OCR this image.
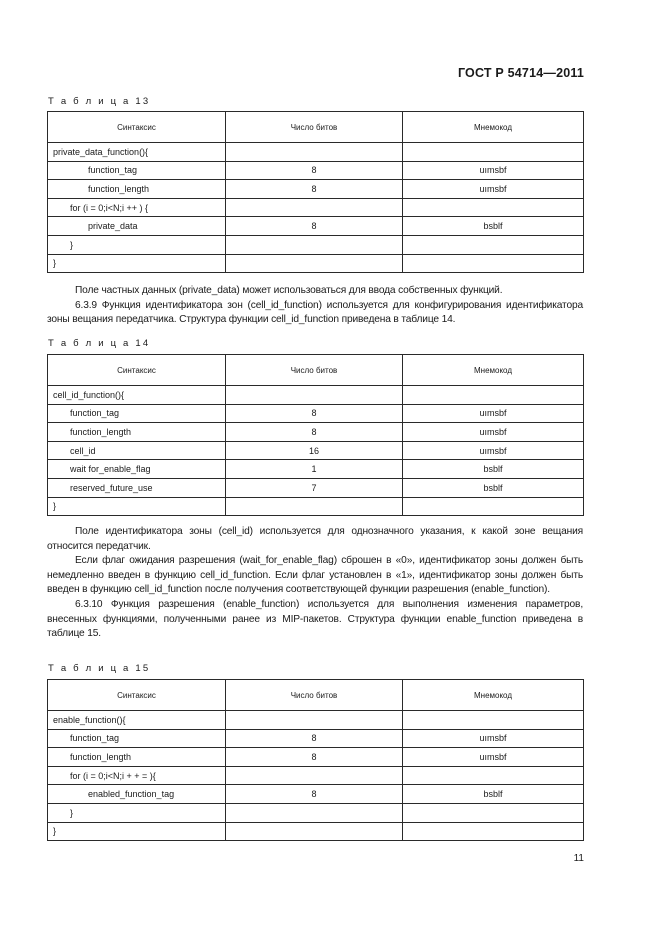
ГОСТ Р 54714—2011
Т а б л и ц а 13
Синтаксис	Число битов	Мнемокод
private_data_function(){		
function_tag	8	uımsbf
function_length	8	uımsbf
for (i = 0;i<N;i ++ ) {		
private_data	8	bsblf
}		
}		

Поле частных данных (private_data) может использоваться для ввода собственных функций.

6.3.9 Функция идентификатора зон (cell_id_function) используется для конфигурирования идентификатора зоны вещания передатчика. Структура функции cell_id_function приведена в таблице 14.

Т а б л и ц а 14
Синтаксис	Число битов	Мнемокод
cell_id_function(){		
function_tag	8	uımsbf
function_length	8	uımsbf
cell_id	16	uımsbf
wait for_enable_flag	1	bsblf
reserved_future_use	7	bsblf
}		

Поле идентификатора зоны (cell_id) используется для однозначного указания, к какой зоне вещания относится передатчик.

Если флаг ожидания разрешения (wait_for_enable_flag) сброшен в «0», идентификатор зоны должен быть немедленно введен в функцию cell_id_function. Если флаг установлен в «1», идентификатор зоны должен быть введен в функцию cell_id_function после получения соответствующей функции разрешения (enable_function).

6.3.10 Функция разрешения (enable_function) используется для выполнения изменения параметров, внесенных функциями, полученными ранее из MIP-пакетов. Структура функции enable_function приведена в таблице 15.

Т а б л и ц а 15
Синтаксис	Число битов	Мнемокод
enable_function(){		
function_tag	8	uımsbf
function_length	8	uımsbf
for (i = 0;i<N;i + + = ){		
enabled_function_tag	8	bsblf
}		
}		
11
